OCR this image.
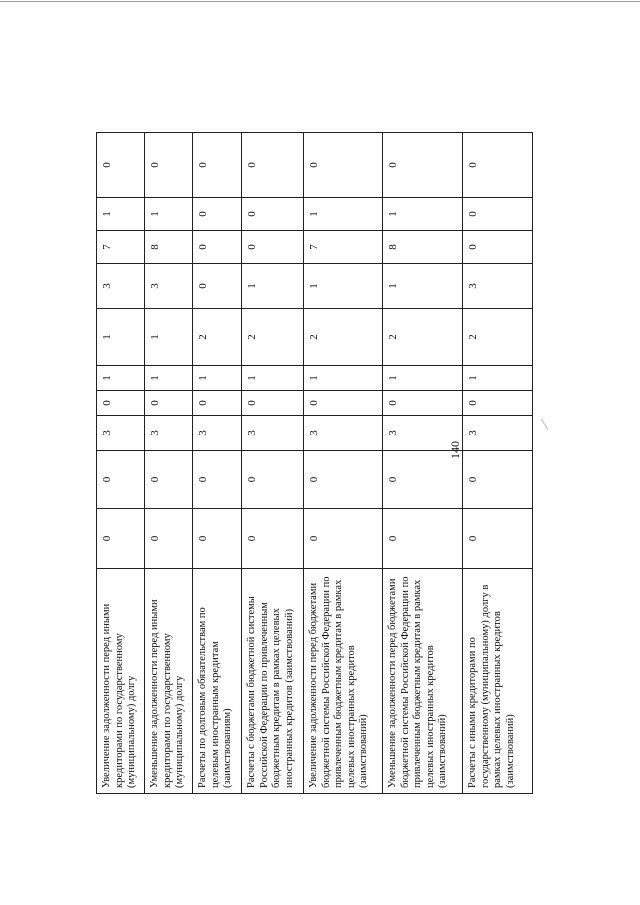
140
Увеличение задолженности перед иными кредиторами по государственному (муниципальному) долгу	0	0	3	0	1	1	3	7	1	0
Уменьшение задолженности перед иными кредиторами по государственному (муниципальному) долгу	0	0	3	0	1	1	3	8	1	0
Расчеты по долговым обязательствам по целевым иностранным кредитам (заимствованиям)	0	0	3	0	1	2	0	0	0	0
Расчеты с бюджетами бюджетной системы Российской Федерации по привлеченным бюджетным кредитам в рамках целевых иностранных кредитов (заимствований)	0	0	3	0	1	2	1	0	0	0
Увеличение задолженности перед бюджетами бюджетной системы Российской Федерации по привлеченным бюджетным кредитам в рамках целевых иностранных кредитов (заимствований)	0	0	3	0	1	2	1	7	1	0
Уменьшение задолженности перед бюджетами бюджетной системы Российской Федерации по привлеченным бюджетным кредитам в рамках целевых иностранных кредитов (заимствований)	0	0	3	0	1	2	1	8	1	0
Расчеты с иными кредиторами по государственному (муниципальному) долгу в рамках целевых иностранных кредитов (заимствований)	0	0	3	0	1	2	3	0	0	0
